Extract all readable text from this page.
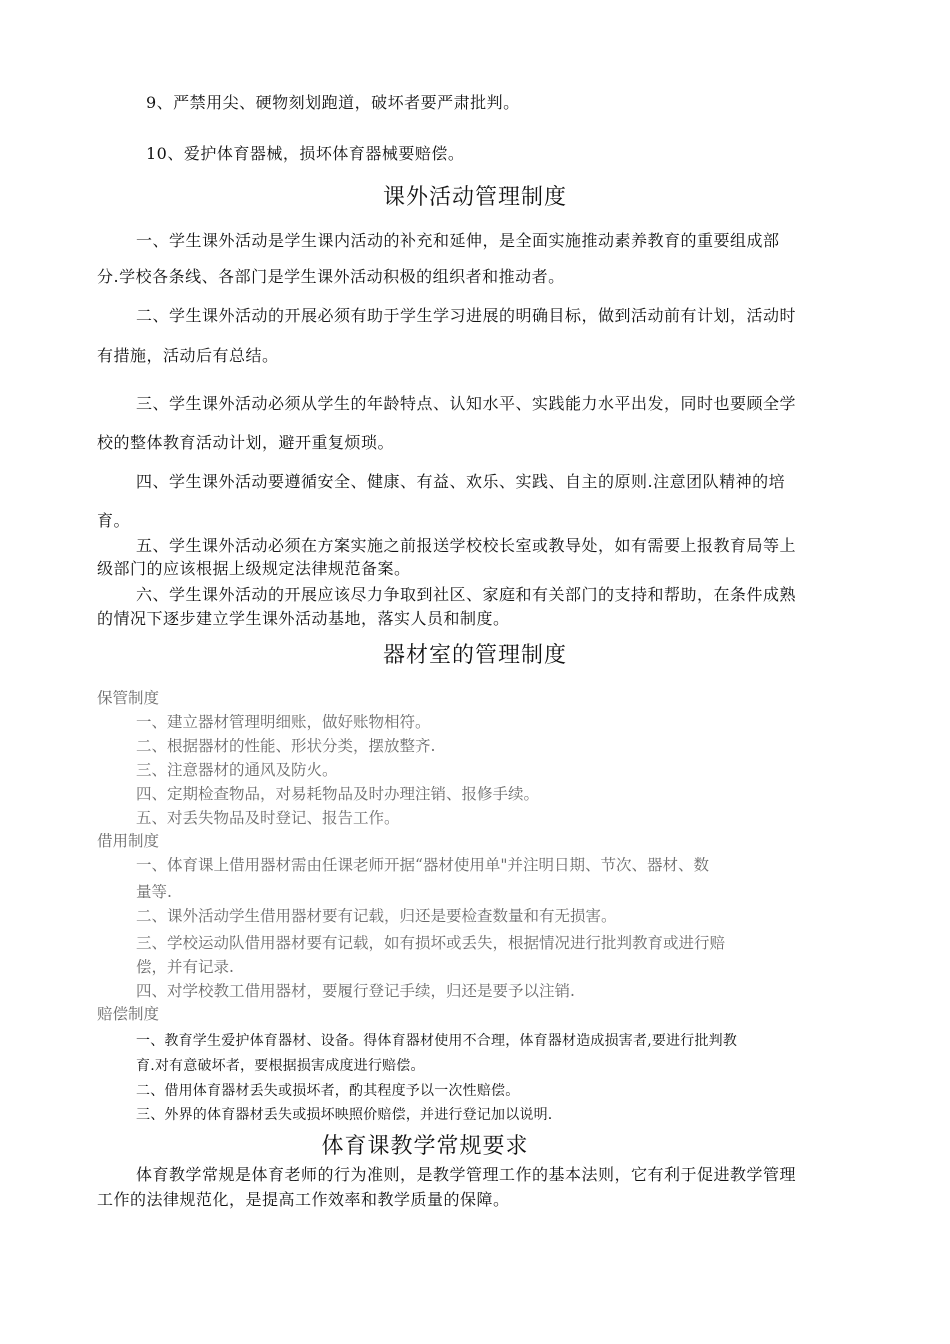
9、严禁用尖、硬物刻划跑道，破坏者要严肃批判。
10、爱护体育器械，损坏体育器械要赔偿。
课外活动管理制度
一、学生课外活动是学生课内活动的补充和延伸，是全面实施推动素养教育的重要组成部
分.学校各条线、各部门是学生课外活动积极的组织者和推动者。
二、学生课外活动的开展必须有助于学生学习进展的明确目标，做到活动前有计划，活动时
有措施，活动后有总结。
三、学生课外活动必须从学生的年龄特点、认知水平、实践能力水平出发，同时也要顾全学
校的整体教育活动计划，避开重复烦琐。
四、学生课外活动要遵循安全、健康、有益、欢乐、实践、自主的原则.注意团队精神的培
育。
五、学生课外活动必须在方案实施之前报送学校校长室或教导处，如有需要上报教育局等上
级部门的应该根据上级规定法律规范备案。
六、学生课外活动的开展应该尽力争取到社区、家庭和有关部门的支持和帮助，在条件成熟
的情况下逐步建立学生课外活动基地，落实人员和制度。
器材室的管理制度
保管制度
一、建立器材管理明细账，做好账物相符。
二、根据器材的性能、形状分类，摆放整齐.
三、注意器材的通风及防火。
四、定期检查物品，对易耗物品及时办理注销、报修手续。
五、对丢失物品及时登记、报告工作。
借用制度
一、体育课上借用器材需由任课老师开据“器材使用单"并注明日期、节次、器材、数
量等.
二、课外活动学生借用器材要有记载，归还是要检查数量和有无损害。
三、学校运动队借用器材要有记载，如有损坏或丢失，根据情况进行批判教育或进行赔
偿，并有记录.
四、对学校教工借用器材，要履行登记手续，归还是要予以注销.
赔偿制度
一、教育学生爱护体育器材、设备。得体育器材使用不合理，体育器材造成损害者,要进行批判教
育.对有意破坏者，要根据损害成度进行赔偿。
二、借用体育器材丢失或损坏者，酌其程度予以一次性赔偿。
三、外界的体育器材丢失或损坏映照价赔偿，并进行登记加以说明.
体育课教学常规要求
体育教学常规是体育老师的行为准则，是教学管理工作的基本法则，它有利于促进教学管理
工作的法律规范化，是提高工作效率和教学质量的保障。
